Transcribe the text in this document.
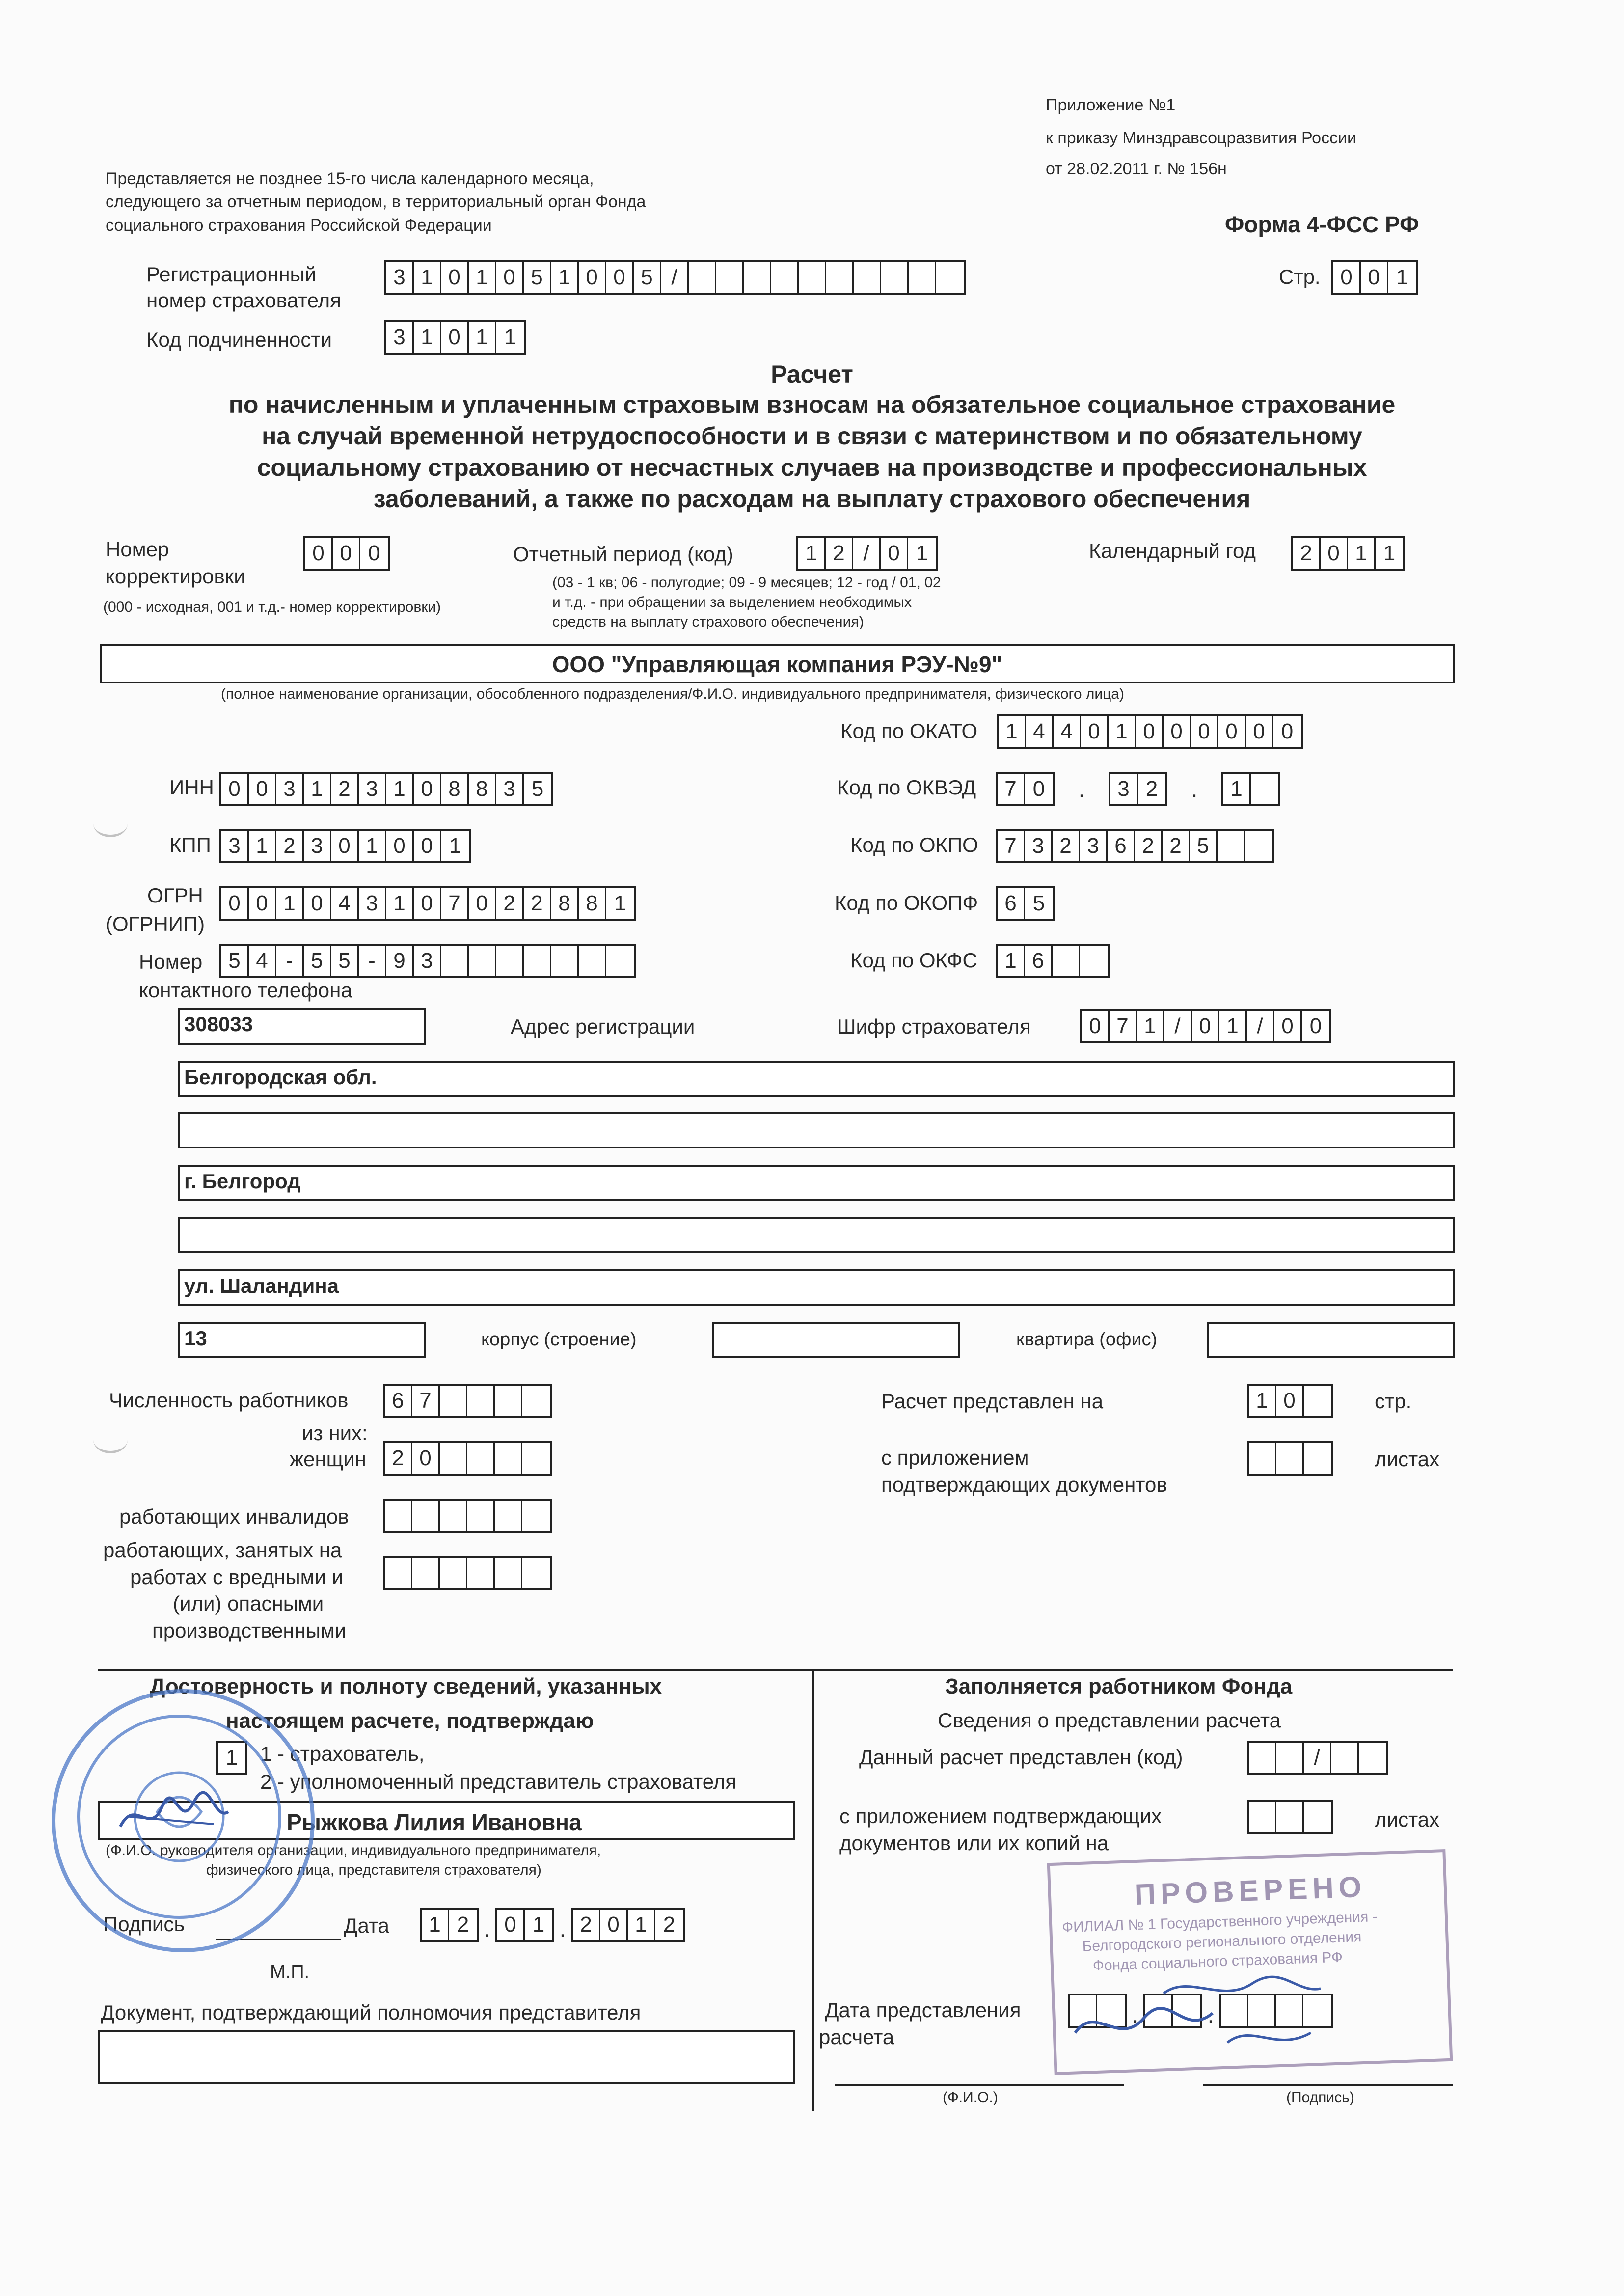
Приложение №1
к приказу Минздравсоцразвития России
от 28.02.2011 г. № 156н
Форма 4-ФСС РФ
Представляется не позднее 15-го числа календарного месяца,
следующего за отчетным периодом, в территориальный орган Фонда
социального страхования Российской Федерации
Регистрационный
номер страхователя
3 1 0 1 0 5 1 0 0 5 /	Стр. 0 0 1
Код подчиненности	3 1 0 1 1
Расчет
по начисленным и уплаченным страховым взносам на обязательное социальное страхование
на случай временной нетрудоспособности и в связи с материнством и по обязательному
социальному страхованию от несчастных случаев на производстве и профессиональных
заболеваний, а также по расходам на выплату страхового обеспечения
Номер
корректировки
0 0 0
(000 - исходная, 001 и т.д.- номер корректировки)
Отчетный период (код)	1 2 / 0 1
(03 - 1 кв; 06 - полугодие; 09 - 9 месяцев; 12 - год / 01, 02
и т.д. - при обращении за выделением необходимых
средств на выплату страхового обеспечения)
Календарный год	2 0 1 1
ООО "Управляющая компания РЭУ-№9"
(полное наименование организации, обособленного подразделения/Ф.И.О. индивидуального предпринимателя, физического лица)
Код по ОКАТО	1 4 4 0 1 0 0 0 0 0 0
ИНН 0 0 3 1 2 3 1 0 8 8 3 5	Код по ОКВЭД	7 0	.	3 2	.	1
КПП 3 1 2 3 0 1 0 0 1	Код по ОКПО	7 3 2 3 6 2 2 5
ОГРН
(ОГРНИП)
0 0 1 0 4 3 1 0 7 0 2 2 8 8 1	Код по ОКОПФ	6 5
Номер
контактного телефона
5 4 - 5 5 - 9 3	Код по ОКФС	1 6
308033	Адрес регистрации	Шифр страхователя	0 7 1 / 0 1 / 0 0
Белгородская обл.
г. Белгород
ул. Шаландина
13	корпус (строение)	квартира (офис)
Численность работников	6 7
из них:
женщин	2 0
работающих инвалидов
работающих, занятых на
работах с вредными и
(или) опасными
производственными
Расчет представлен на	1 0	стр.
с приложением
подтверждающих документов
листах
Достоверность и полноту сведений, указанных
настоящем расчете, подтверждаю
1	1 - страхователь,
2 - уполномоченный представитель страхователя
Рыжкова Лилия Ивановна
(Ф.И.О. руководителя организации, индивидуального предпринимателя,
физического лица, представителя страхователя)
Подпись	Дата	1 2 . 0 1 . 2 0 1 2
М.П.
Документ, подтверждающий полномочия представителя
Заполняется работником Фонда
Сведения о представлении расчета
Данный расчет представлен (код)	/
с приложением подтверждающих
документов или их копий на
листах
Дата представления
расчета
.	.
(Ф.И.О.)	(Подпись)
ПРОВЕРЕНО
ФИЛИАЛ № 1 Государственного учреждения -
Белгородского регионального отделения
Фонда социального страхования РФ
